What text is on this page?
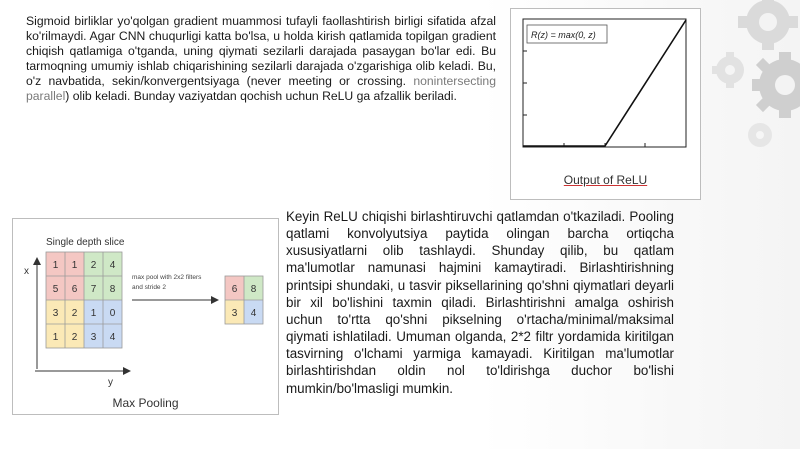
Sigmoid birliklar yo'qolgan gradient muammosi tufayli faollashtirish birligi sifatida afzal ko'rilmaydi. Agar CNN chuqurligi katta bo'lsa, u holda kirish qatlamida topilgan gradient chiqish qatlamiga o'tganda, uning qiymati sezilarli darajada pasaygan bo'lar edi. Bu tarmoqning umumiy ishlab chiqarishining sezilarli darajada o'zgarishiga olib keladi. Bu, o'z navbatida, sekin/konvergentsiyaga (never meeting or crossing. nonintersecting parallel) olib keladi. Bunday vaziyatdan qochish uchun ReLU ga afzallik beriladi.
R(z) = max(0, z)
Output of ReLU
Single depth slice
x
y
1 1 2 4
5 6 7 8
3 2 1 0
1 2 3 4
max pool with 2x2 filters
and stride 2	6 8
3 4
Max Pooling
Keyin ReLU chiqishi birlashtiruvchi qatlamdan o'tkaziladi. Pooling qatlami konvolyutsiya paytida olingan barcha ortiqcha xususiyatlarni olib tashlaydi. Shunday qilib, bu qatlam ma'lumotlar namunasi hajmini kamaytiradi. Birlashtirishning printsipi shundaki, u tasvir piksellarining qo'shni qiymatlari deyarli bir xil bo'lishini taxmin qiladi. Birlashtirishni amalga oshirish uchun to'rtta qo'shni pikselning o'rtacha/minimal/maksimal qiymati ishlatiladi. Umuman olganda, 2*2 filtr yordamida kiritilgan tasvirning o'lchami yarmiga kamayadi. Kiritilgan ma'lumotlar birlashtirishdan oldin nol to'ldirishga duchor bo'lishi mumkin/bo'lmasligi mumkin.
